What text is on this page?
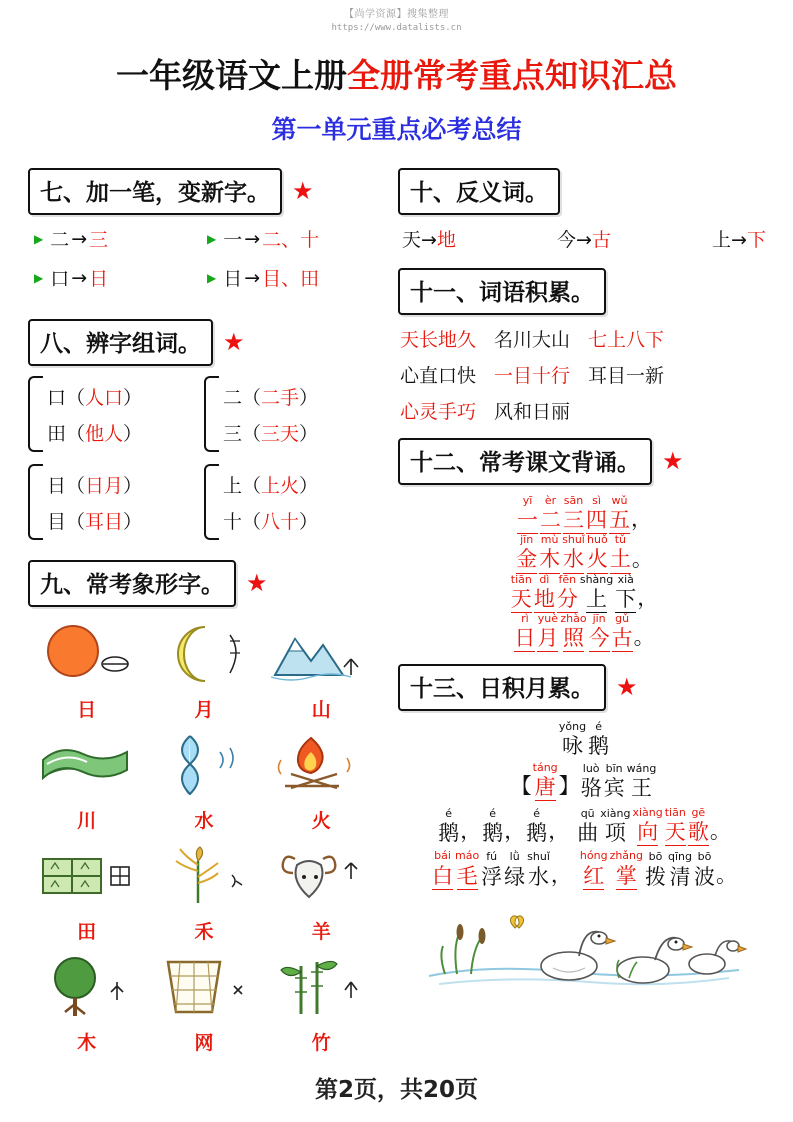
【尚学资源】搜集整理
https://www.datalists.cn
一年级语文上册全册常考重点知识汇总
第一单元重点必考总结
七、加一笔，变新字。 ★
▶ 二 → 三	▶ 一 → 二、十
▶ 口 → 日	▶ 日 → 目、田
八、辨字组词。 ★
口（人口）
田（他人）
二（二手）
三（三天）
日（日月）
目（耳目）
上（上火）
十（八十）
九、常考象形字。 ★
日	月	山
川	水	火
田	禾	羊
木	网	竹
十、反义词。
天→地	今→古	上→下
十一、词语积累。
天长地久 名川大山 七上八下
心直口快 一目十行 耳目一新
心灵手巧 风和日丽
十二、常考课文背诵。 ★
yī
一
èr
二
sān
三
sì
四
wǔ
五 ，
jīn
金
mù
木
shuǐ
水
huǒ
火
tǔ
土 。
tiān
天
dì
地
fēn
分
shàng
上
xià
下 ，
rì
日
yuè
月
zhào
照
jīn
今
gǔ
古 。
十三、日积月累。 ★
yǒng
咏
é
鹅
【
táng
唐 】
luò
骆
bīn
宾
wáng
王
é
鹅 ，
é
鹅 ，
é
鹅 ，
qū
曲
xiàng
项
xiàng
向
tiān
天
gē
歌 。
bái
白
máo
毛
fú
浮
lǜ
绿
shuǐ
水 ，
hóng
红
zhǎng
掌
bō
拨
qīng
清
bō
波 。
第2页，共20页
